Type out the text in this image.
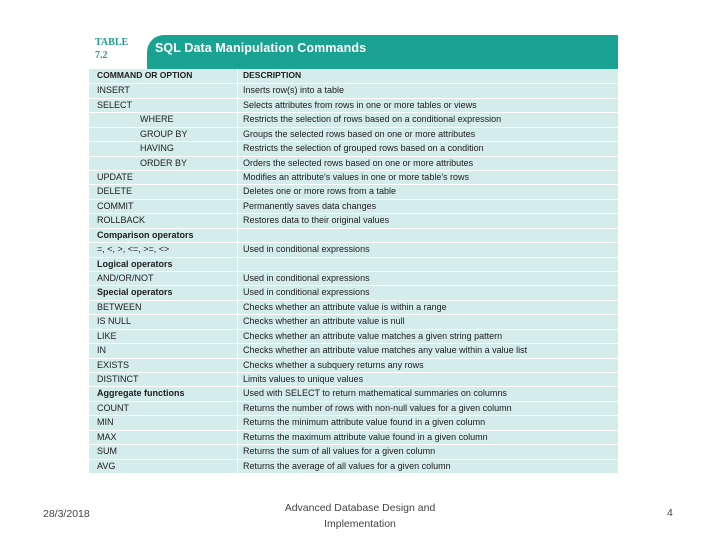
TABLE
7.2
SQL Data Manipulation Commands
COMMAND OR OPTION	DESCRIPTION
INSERT	Inserts row(s) into a table
SELECT	Selects attributes from rows in one or more tables or views
WHERE	Restricts the selection of rows based on a conditional expression
GROUP BY	Groups the selected rows based on one or more attributes
HAVING	Restricts the selection of grouped rows based on a condition
ORDER BY	Orders the selected rows based on one or more attributes
UPDATE	Modifies an attribute's values in one or more table's rows
DELETE	Deletes one or more rows from a table
COMMIT	Permanently saves data changes
ROLLBACK	Restores data to their original values
Comparison operators
=, <, >, <=, >=, <>	Used in conditional expressions
Logical operators
AND/OR/NOT	Used in conditional expressions
Special operators	Used in conditional expressions
BETWEEN	Checks whether an attribute value is within a range
IS NULL	Checks whether an attribute value is null
LIKE	Checks whether an attribute value matches a given string pattern
IN	Checks whether an attribute value matches any value within a value list
EXISTS	Checks whether a subquery returns any rows
DISTINCT	Limits values to unique values
Aggregate functions	Used with SELECT to return mathematical summaries on columns
COUNT	Returns the number of rows with non-null values for a given column
MIN	Returns the minimum attribute value found in a given column
MAX	Returns the maximum attribute value found in a given column
SUM	Returns the sum of all values for a given column
AVG	Returns the average of all values for a given column
28/3/2018	Advanced Database Design and
Implementation
4
